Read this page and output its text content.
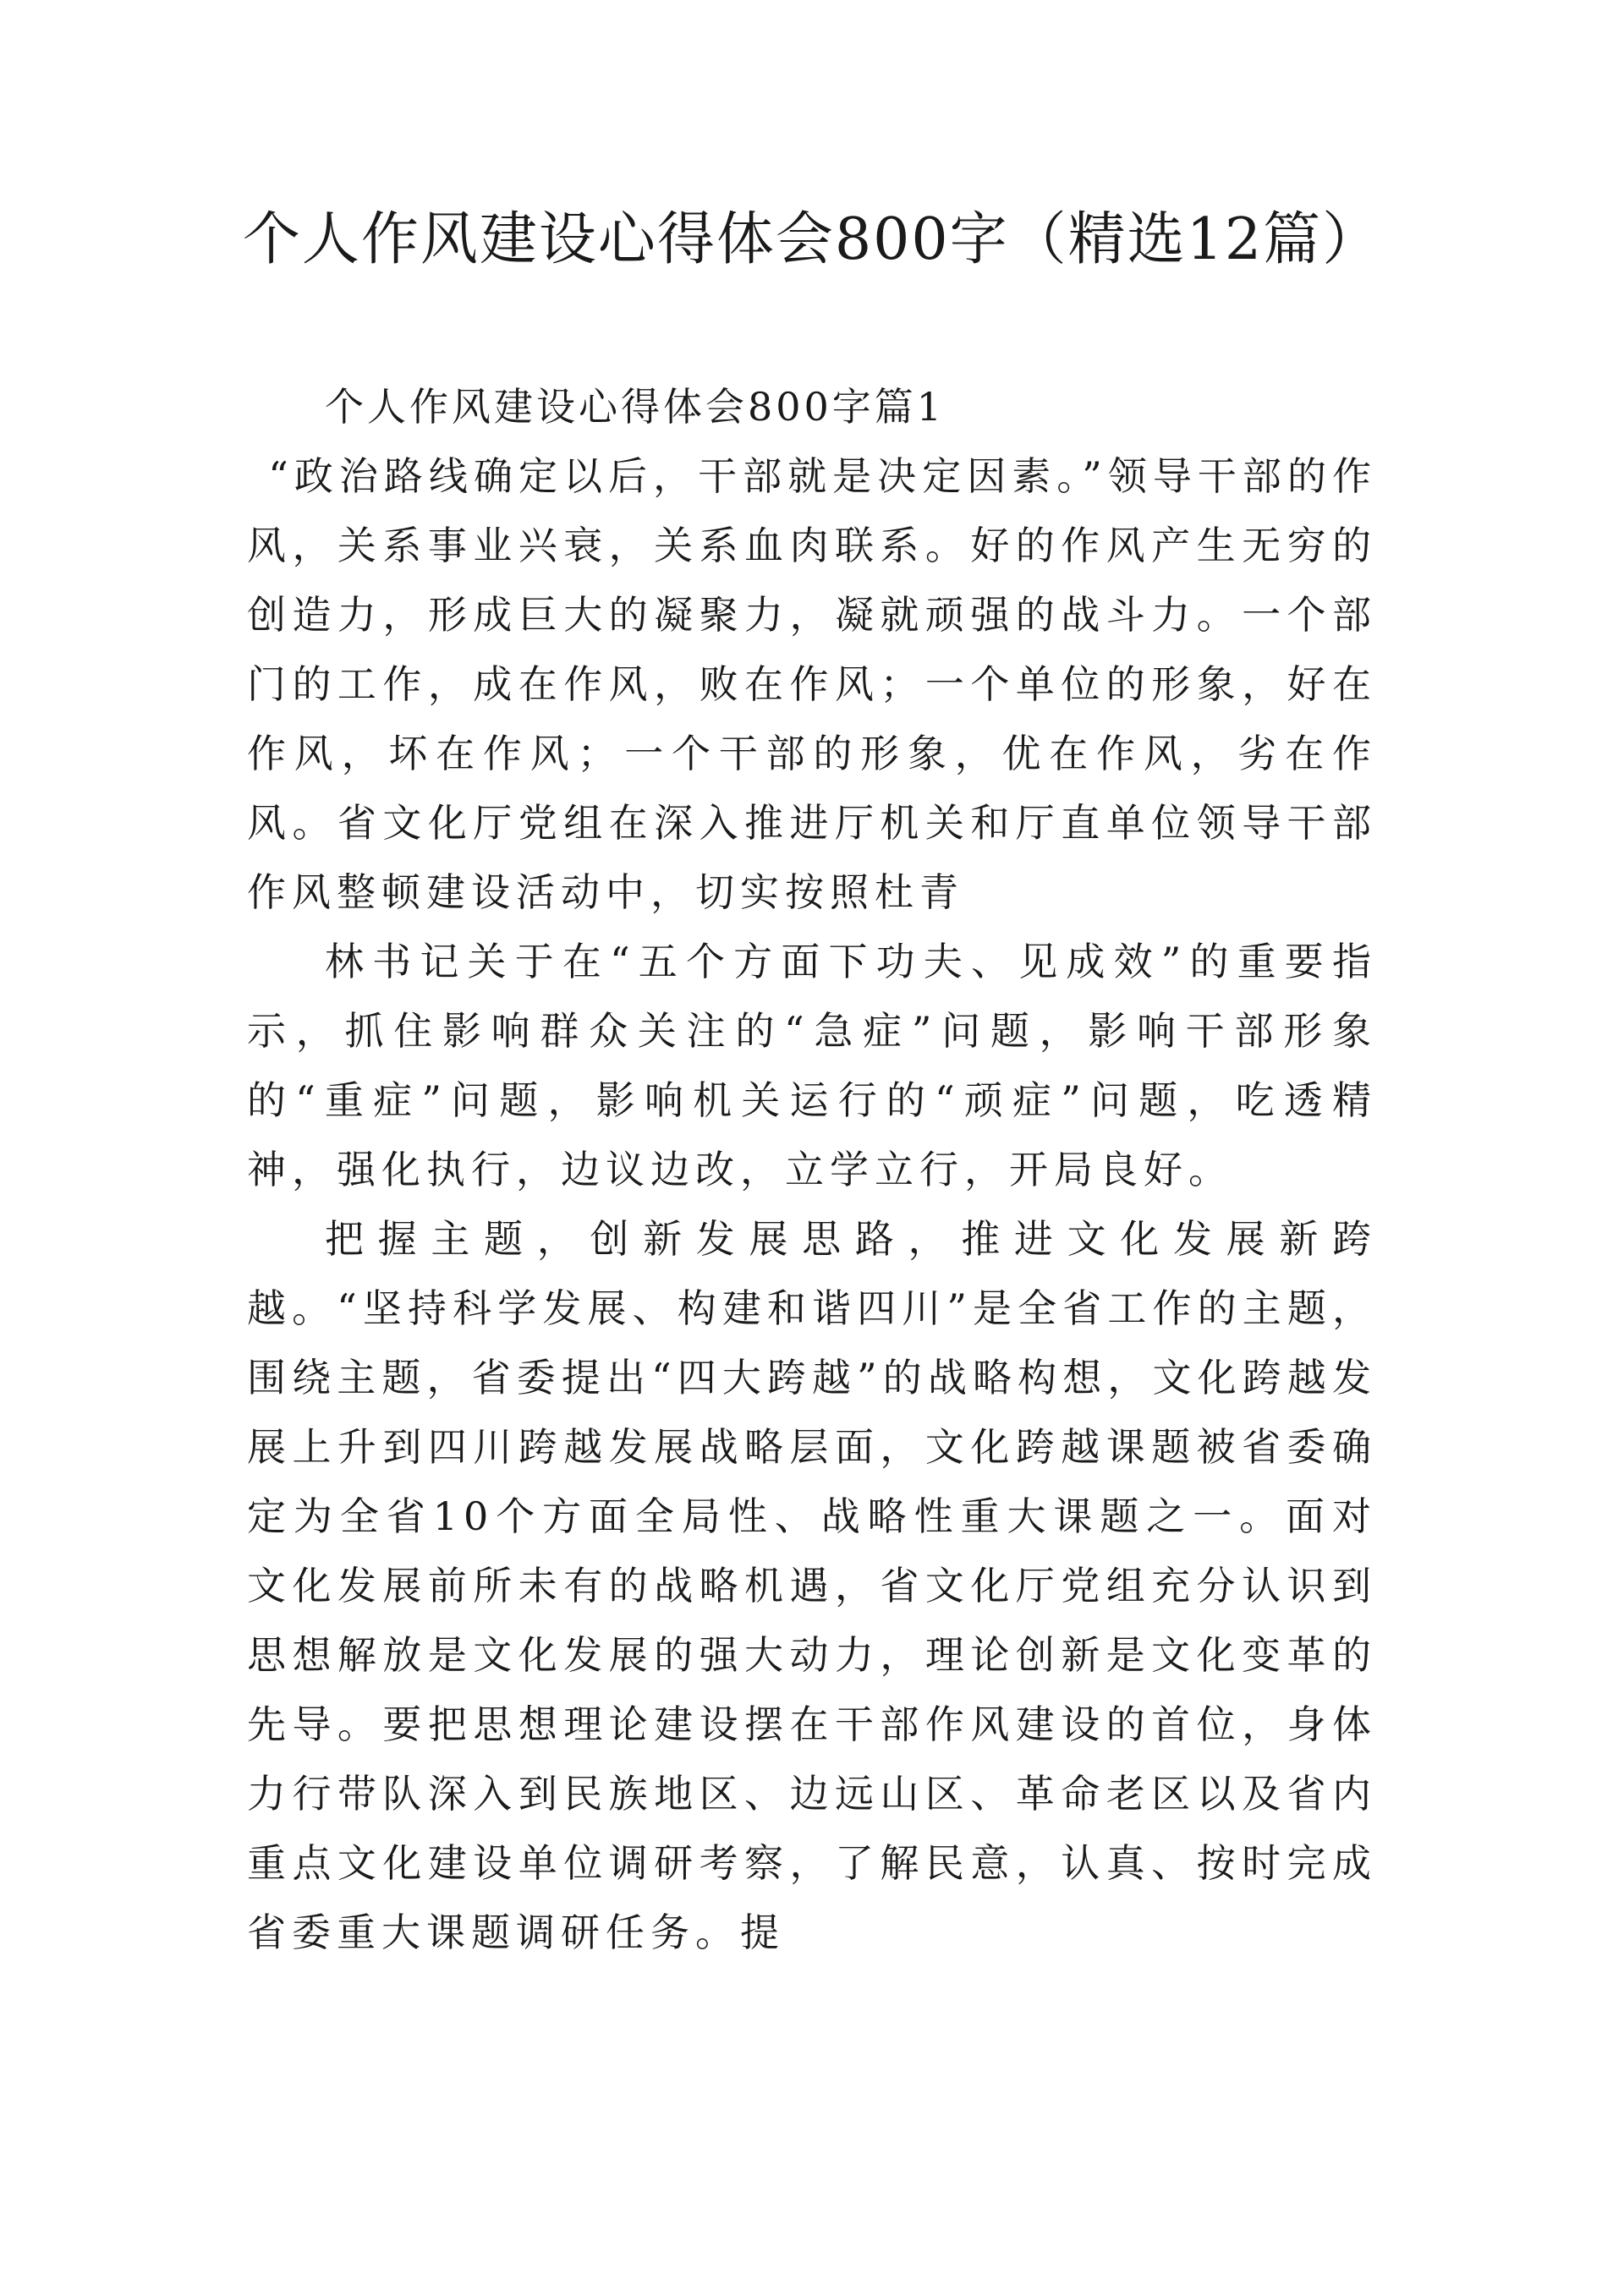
个人作风建设心得体会800字（精选12篇）

个人作风建设心得体会800字篇1

“政治路线确定以后，干部就是决定因素。”领导干部的作风，关系事业兴衰，关系血肉联系。好的作风产生无穷的创造力，形成巨大的凝聚力，凝就顽强的战斗力。一个部门的工作，成在作风，败在作风；一个单位的形象，好在作风，坏在作风；一个干部的形象，优在作风，劣在作风。省文化厅党组在深入推进厅机关和厅直单位领导干部作风整顿建设活动中，切实按照杜青

林书记关于在“五个方面下功夫、见成效”的重要指示，抓住影响群众关注的“急症”问题，影响干部形象的“重症”问题，影响机关运行的“顽症”问题，吃透精神，强化执行，边议边改，立学立行，开局良好。

把握主题，创新发展思路，推进文化发展新跨越。“坚持科学发展、构建和谐四川”是全省工作的主题，围绕主题，省委提出“四大跨越”的战略构想，文化跨越发展上升到四川跨越发展战略层面，文化跨越课题被省委确定为全省10个方面全局性、战略性重大课题之一。面对文化发展前所未有的战略机遇，省文化厅党组充分认识到思想解放是文化发展的强大动力，理论创新是文化变革的先导。要把思想理论建设摆在干部作风建设的首位，身体力行带队深入到民族地区、边远山区、革命老区以及省内重点文化建设单位调研考察，了解民意，认真、按时完成省委重大课题调研任务。提
